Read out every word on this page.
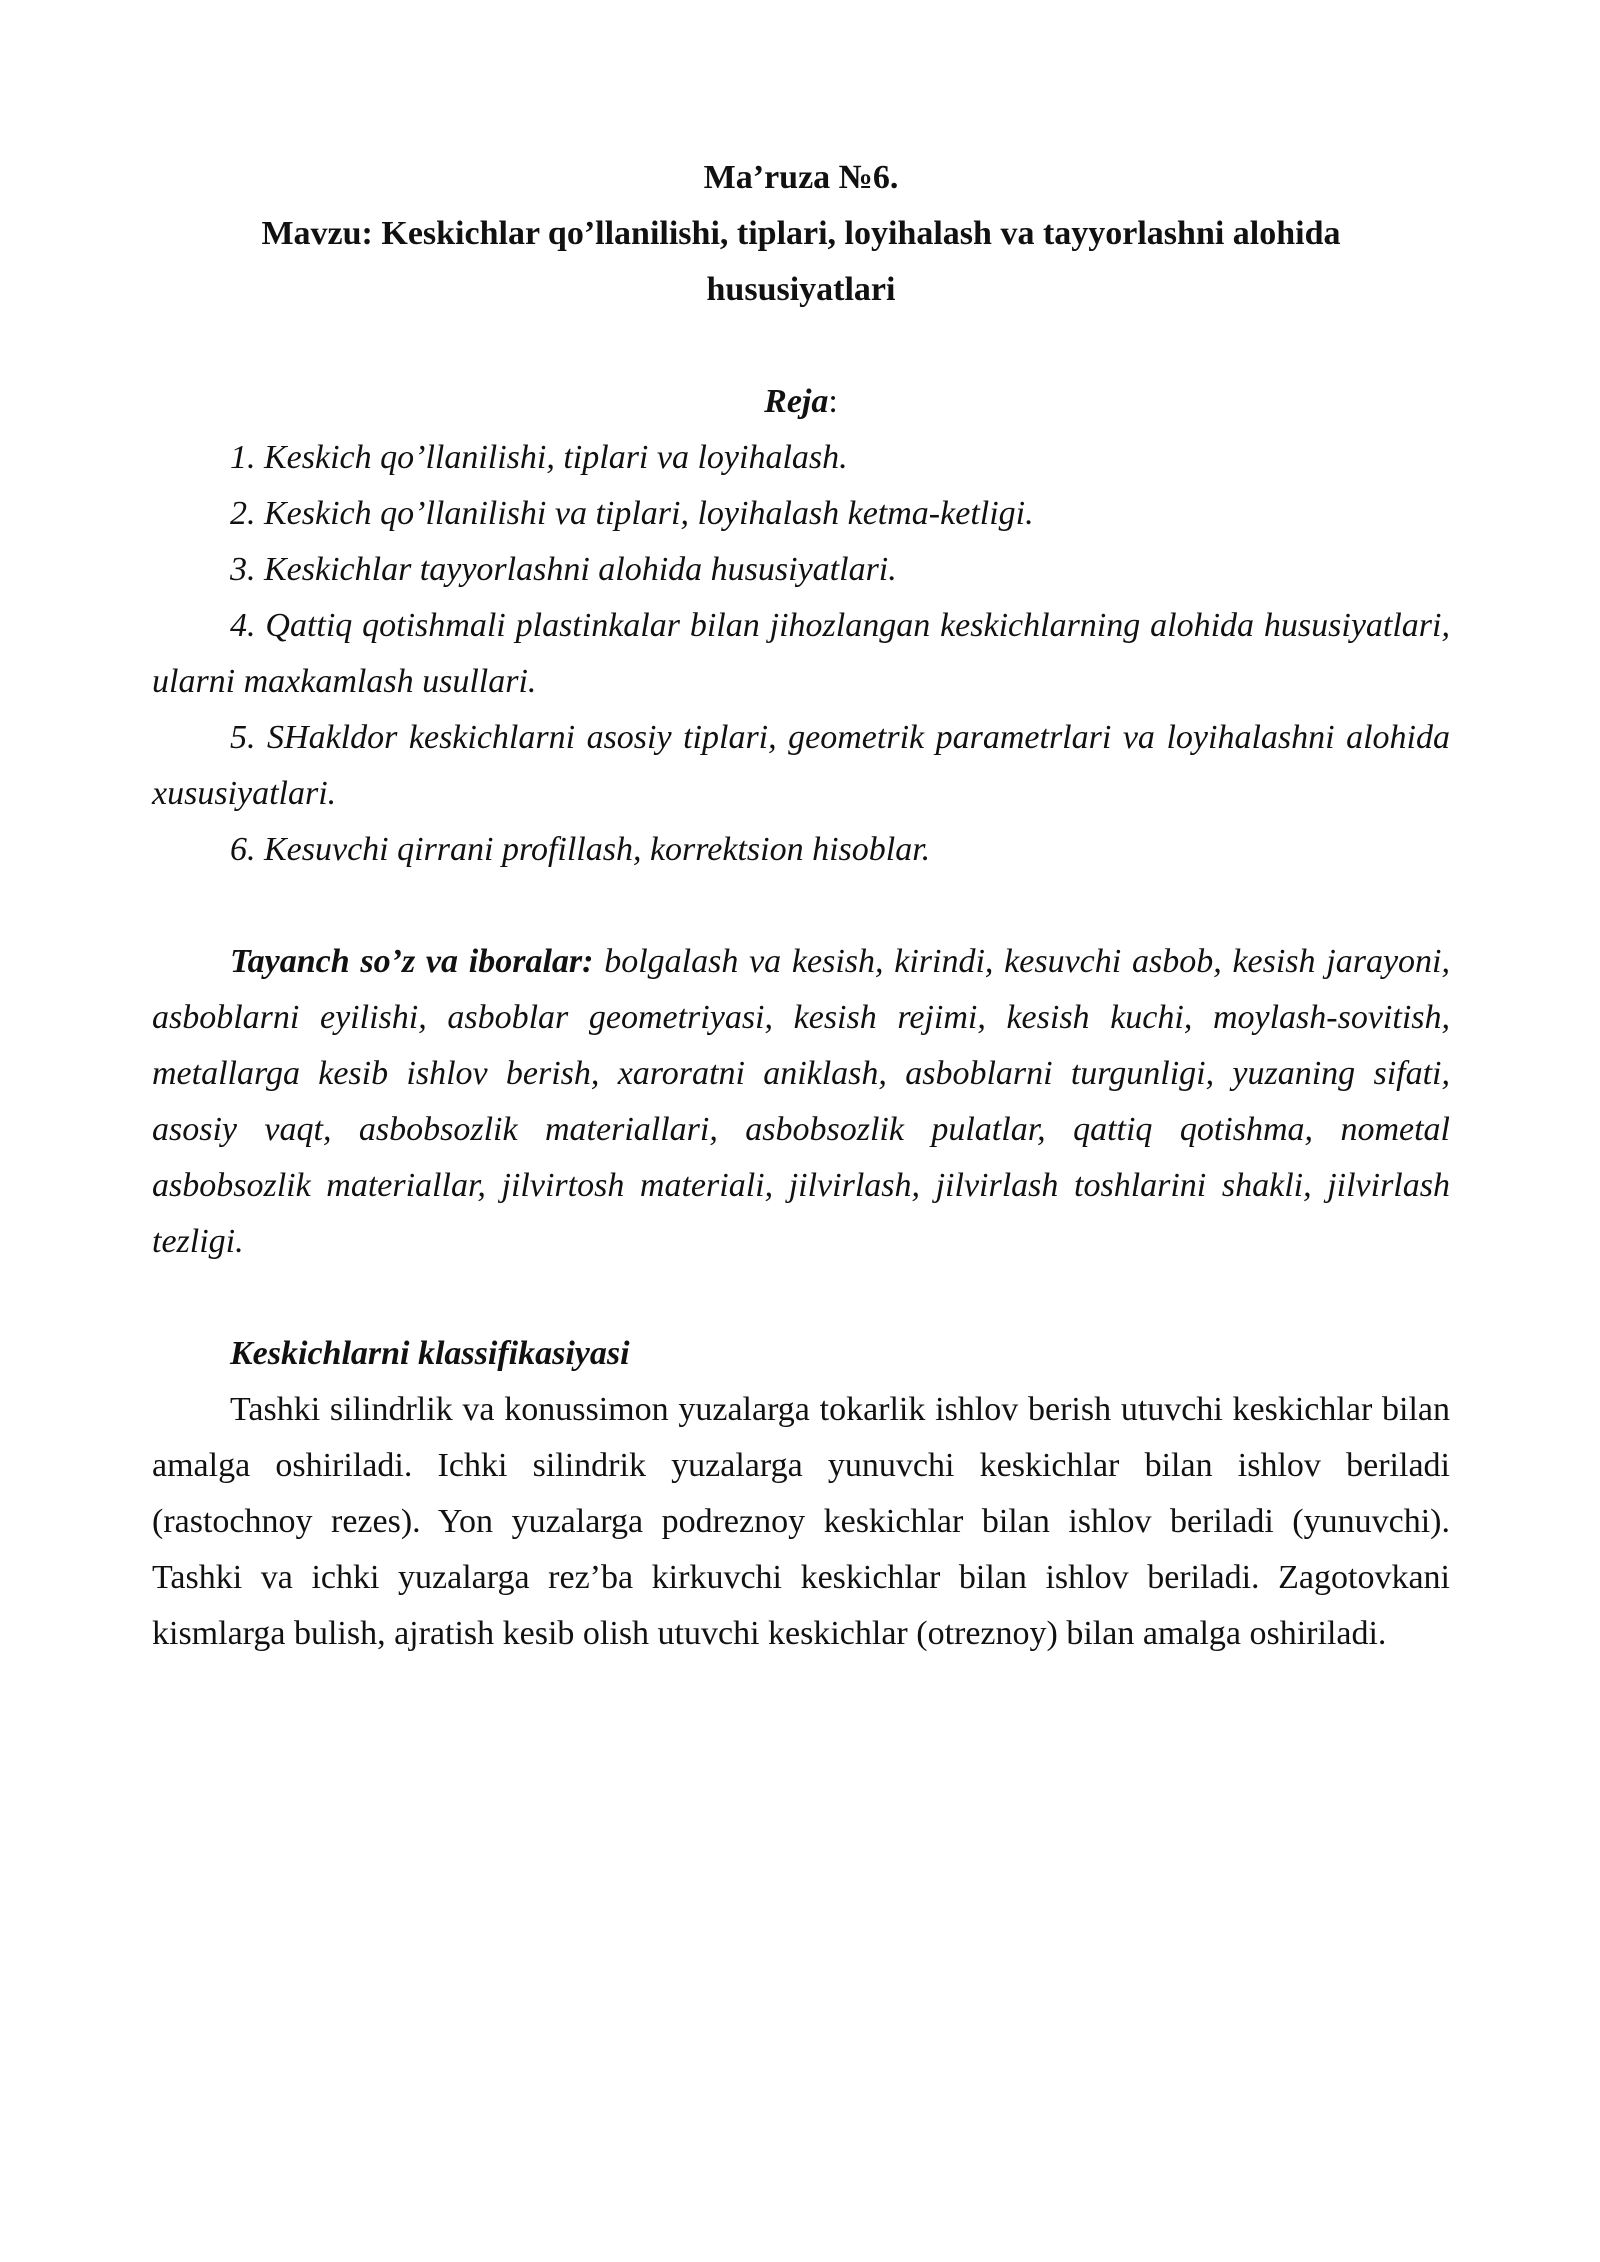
Ma’ruza №6.

Mavzu: Keskichlar qo’llanilishi, tiplari, loyihalash va tayyorlashni alohida hususiyatlari

Reja:

1. Keskich qo’llanilishi, tiplari va loyihalash.
2. Keskich qo’llanilishi va tiplari, loyihalash ketma-ketligi.
3. Keskichlar tayyorlashni alohida hususiyatlari.
4. Qattiq qotishmali plastinkalar bilan jihozlangan keskichlarning alohida hususiyatlari, ularni maxkamlash usullari.
5. SHakldor keskichlarni asosiy tiplari, geometrik parametrlari va loyihalashni alohida xususiyatlari.
6. Kesuvchi qirrani profillash, korrektsion hisoblar.

Tayanch so’z va iboralar: bolgalash va kesish, kirindi, kesuvchi asbob, kesish jarayoni, asboblarni eyilishi, asboblar geometriyasi, kesish rejimi, kesish kuchi, moylash-sovitish, metallarga kesib ishlov berish, xaroratni aniklash, asboblarni turgunligi, yuzaning sifati, asosiy vaqt, asbobsozlik materiallari, asbobsozlik pulatlar, qattiq qotishma, nometal asbobsozlik materiallar, jilvirtosh materiali, jilvirlash, jilvirlash toshlarini shakli, jilvirlash tezligi.

Keskichlarni klassifikasiyasi

Tashki silindrlik va konussimon yuzalarga tokarlik ishlov berish utuvchi keskichlar bilan amalga oshiriladi. Ichki silindrik yuzalarga yunuvchi keskichlar bilan ishlov beriladi (rastochnoy rezes). Yon yuzalarga podreznoy keskichlar bilan ishlov beriladi (yunuvchi). Tashki va ichki yuzalarga rez’ba kirkuvchi keskichlar bilan ishlov beriladi. Zagotovkani kismlarga bulish, ajratish kesib olish utuvchi keskichlar (otreznoy) bilan amalga oshiriladi.
